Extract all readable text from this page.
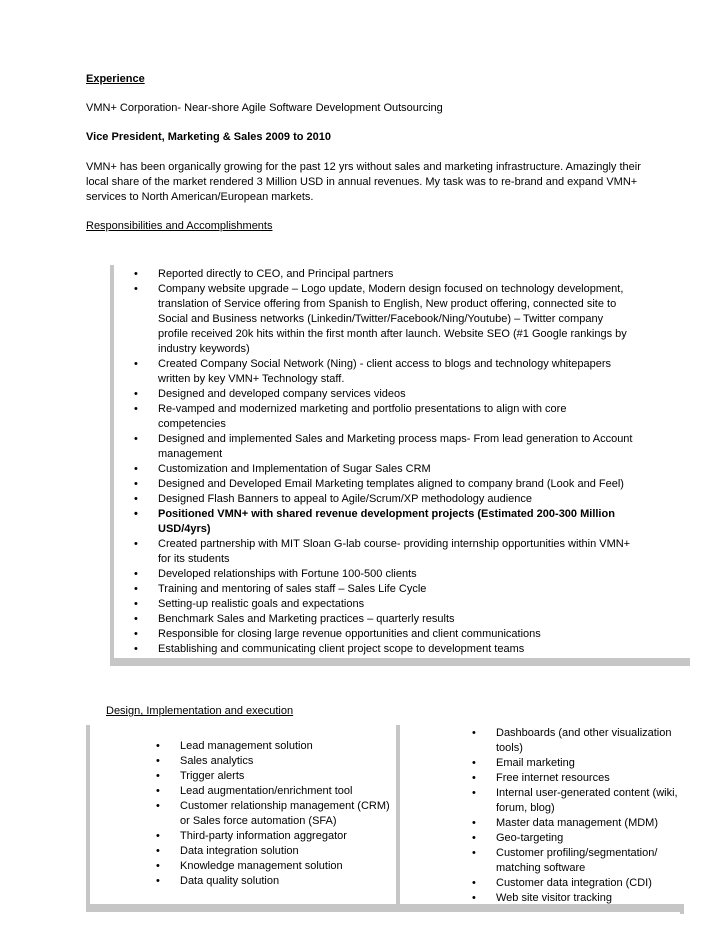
Experience
VMN+ Corporation- Near-shore Agile Software Development Outsourcing
Vice President, Marketing & Sales 2009 to 2010
VMN+ has been organically growing for the past 12 yrs without sales and marketing infrastructure. Amazingly their local share of the market rendered 3 Million USD in annual revenues. My task was to re-brand and expand VMN+ services to North American/European markets.
Responsibilities and Accomplishments
• Reported directly to CEO, and Principal partners
• Company website upgrade – Logo update, Modern design focused on technology development, translation of Service offering from Spanish to English, New product offering, connected site to Social and Business networks (Linkedin/Twitter/Facebook/Ning/Youtube) – Twitter company profile received 20k hits within the first month after launch. Website SEO (#1 Google rankings by industry keywords)
• Created Company Social Network (Ning) - client access to blogs and technology whitepapers written by key VMN+ Technology staff.
• Designed and developed company services videos
• Re-vamped and modernized marketing and portfolio presentations to align with core competencies
• Designed and implemented Sales and Marketing process maps- From lead generation to Account management
• Customization and Implementation of Sugar Sales CRM
• Designed and Developed Email Marketing templates aligned to company brand (Look and Feel)
• Designed Flash Banners to appeal to Agile/Scrum/XP methodology audience
• Positioned VMN+ with shared revenue development projects (Estimated 200-300 Million USD/4yrs)
• Created partnership with MIT Sloan G-lab course- providing internship opportunities within VMN+ for its students
• Developed relationships with Fortune 100-500 clients
• Training and mentoring of sales staff – Sales Life Cycle
• Setting-up realistic goals and expectations
• Benchmark Sales and Marketing practices – quarterly results
• Responsible for closing large revenue opportunities and client communications
• Establishing and communicating client project scope to development teams
Design, Implementation and execution
• Lead management solution
• Sales analytics
• Trigger alerts
• Lead augmentation/enrichment tool
• Customer relationship management (CRM) or Sales force automation (SFA)
• Third-party information aggregator
• Data integration solution
• Knowledge management solution
• Data quality solution
• Dashboards (and other visualization tools)
• Email marketing
• Free internet resources
• Internal user-generated content (wiki, forum, blog)
• Master data management (MDM)
• Geo-targeting
• Customer profiling/segmentation/ matching software
• Customer data integration (CDI)
• Web site visitor tracking
